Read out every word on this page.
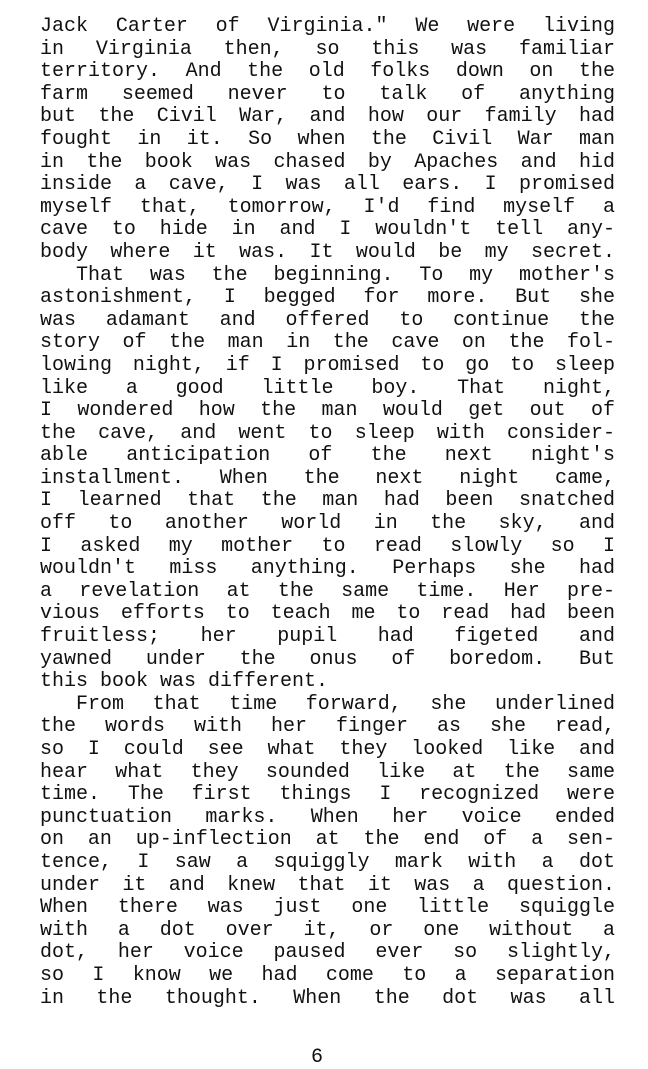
Jack Carter of Virginia." We were living
in Virginia then, so this was familiar
territory. And the old folks down on the
farm seemed never to talk of anything
but the Civil War, and how our family had
fought in it. So when the Civil War man
in the book was chased by Apaches and hid
inside a cave, I was all ears. I promised
myself that, tomorrow, I'd find myself a
cave to hide in and I wouldn't tell any-
body where it was. It would be my secret.
That was the beginning. To my mother's
astonishment, I begged for more. But she
was adamant and offered to continue the
story of the man in the cave on the fol-
lowing night, if I promised to go to sleep
like a good little boy. That night,
I wondered how the man would get out of
the cave, and went to sleep with consider-
able anticipation of the next night's
installment. When the next night came,
I learned that the man had been snatched
off to another world in the sky, and
I asked my mother to read slowly so I
wouldn't miss anything. Perhaps she had
a revelation at the same time. Her pre-
vious efforts to teach me to read had been
fruitless; her pupil had figeted and
yawned under the onus of boredom. But
this book was different.
From that time forward, she underlined
the words with her finger as she read,
so I could see what they looked like and
hear what they sounded like at the same
time. The first things I recognized were
punctuation marks. When her voice ended
on an up-inflection at the end of a sen-
tence, I saw a squiggly mark with a dot
under it and knew that it was a question.
When there was just one little squiggle
with a dot over it, or one without a
dot, her voice paused ever so slightly,
so I know we had come to a separation
in the thought. When the dot was all
6
